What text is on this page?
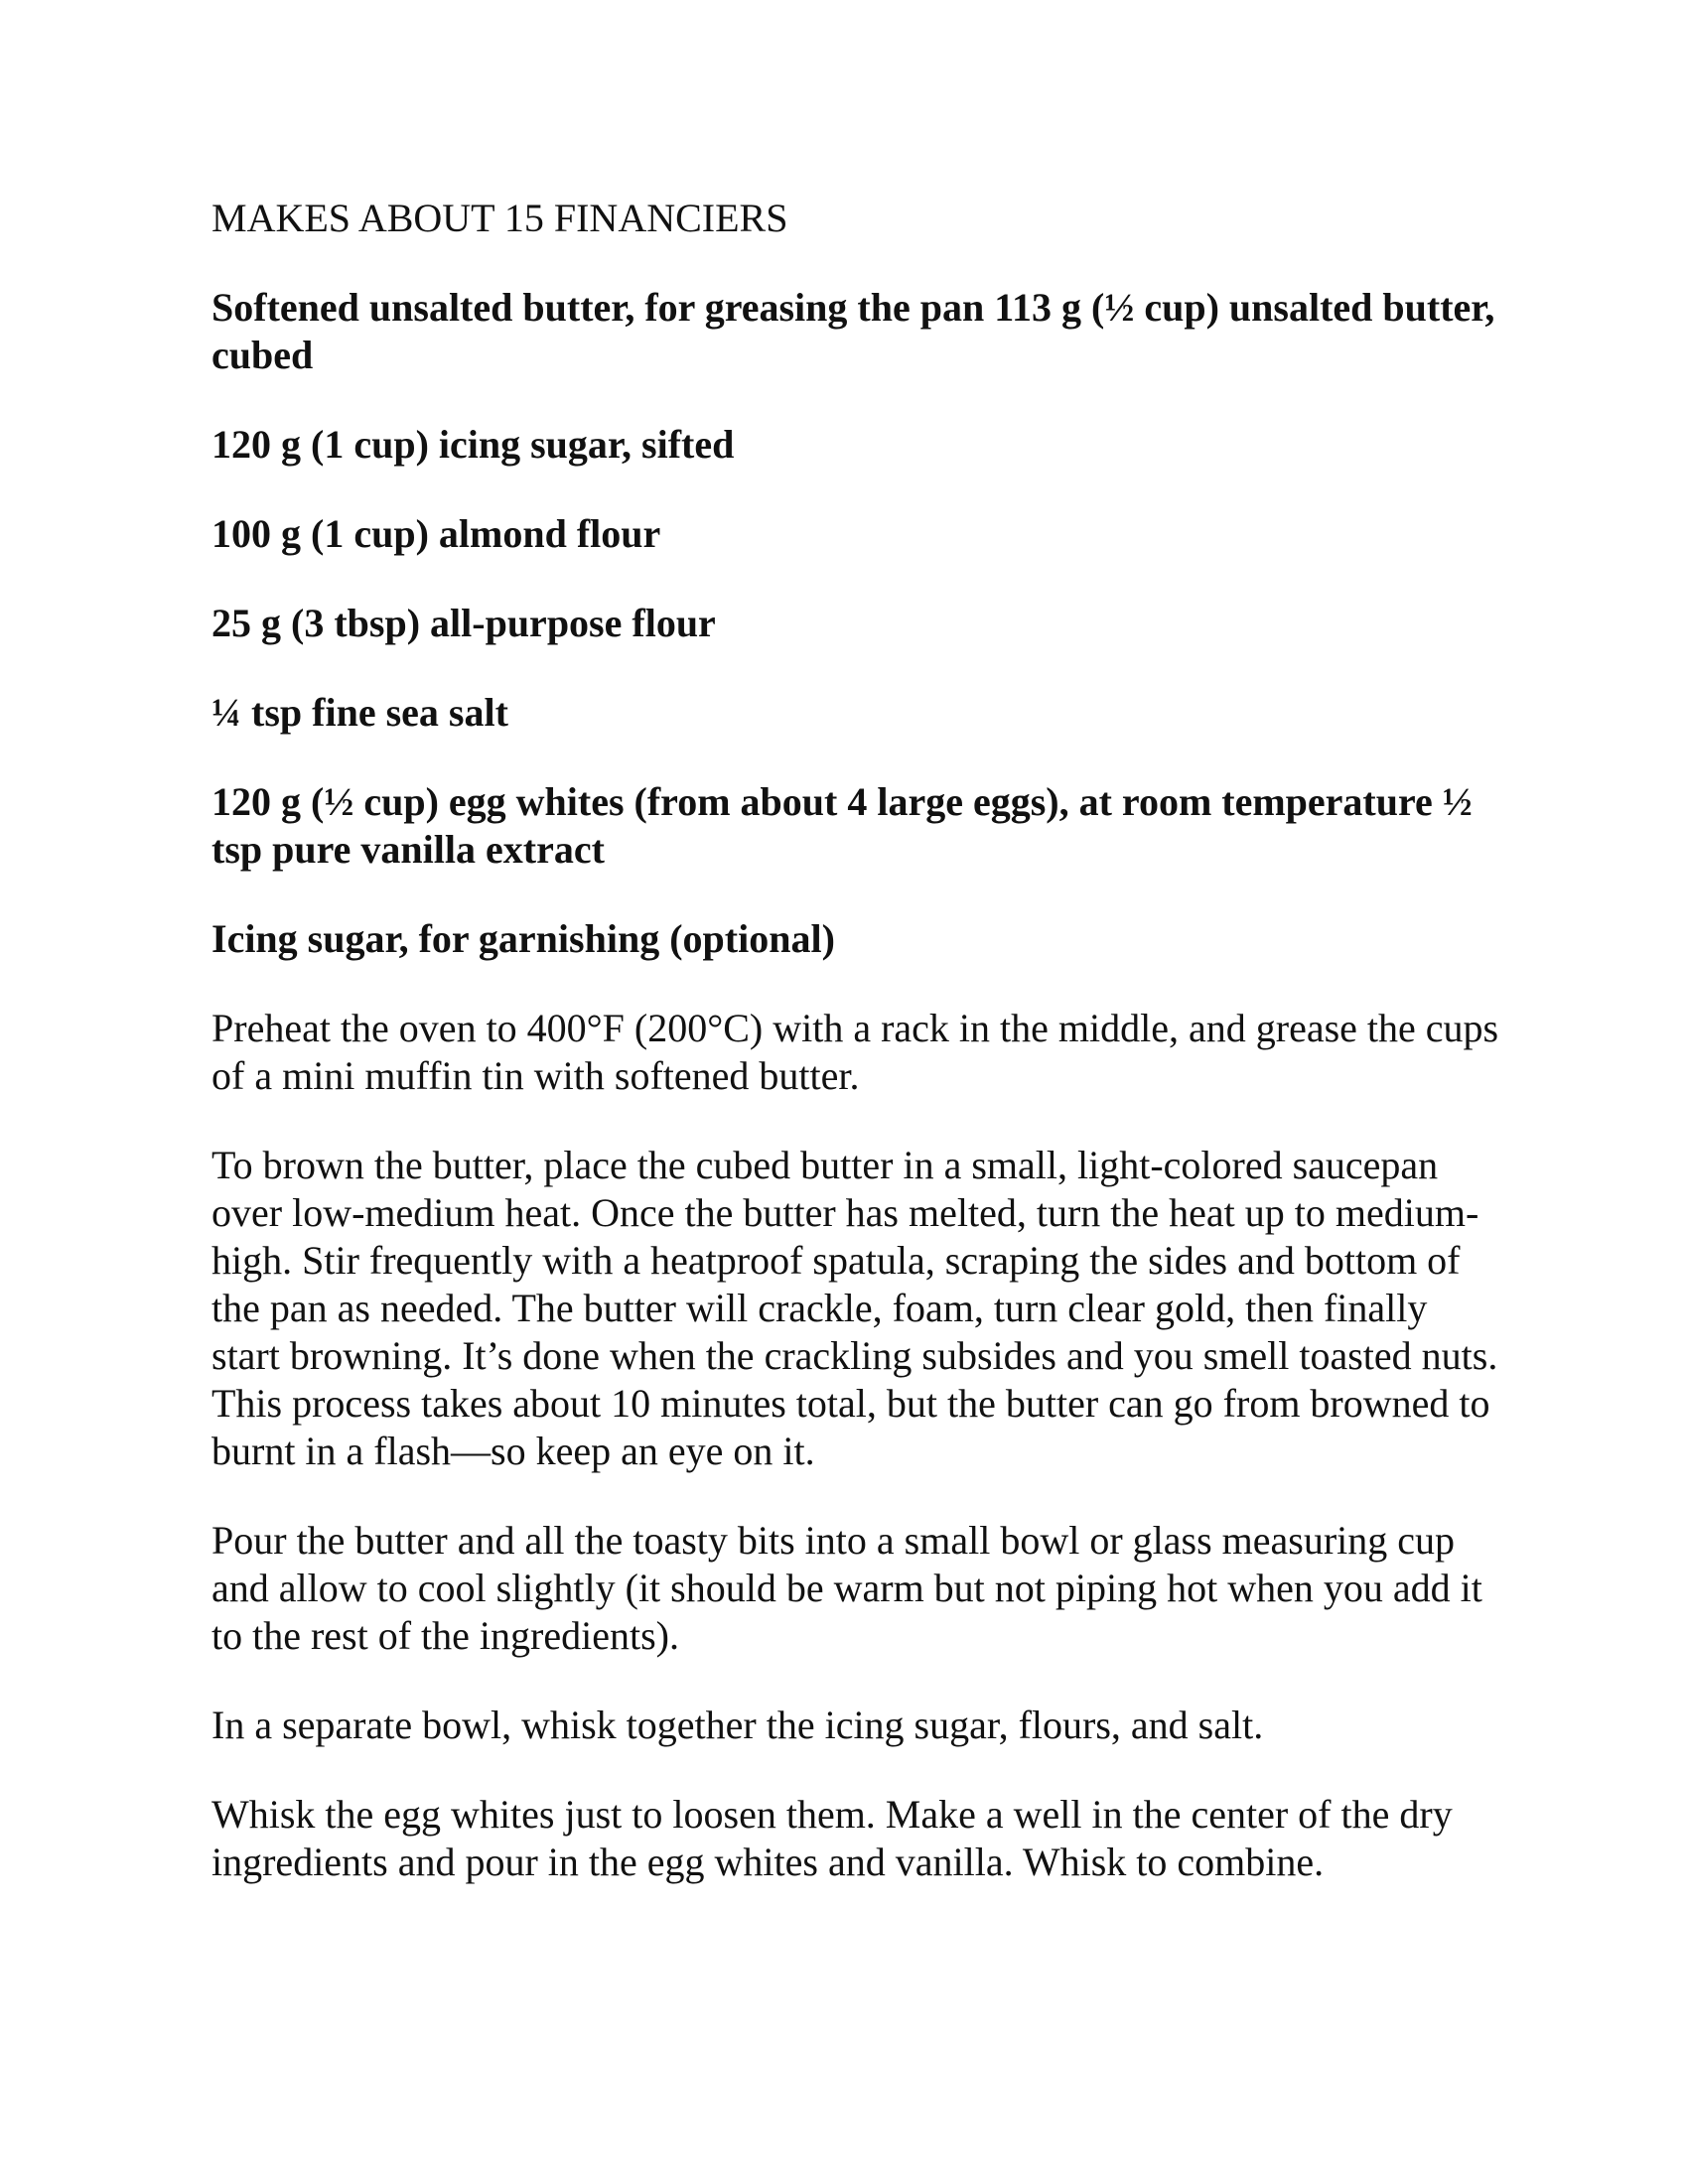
MAKES ABOUT 15 FINANCIERS

Softened unsalted butter, for greasing the pan 113 g (½ cup) unsalted butter, cubed
120 g (1 cup) icing sugar, sifted
100 g (1 cup) almond flour
25 g (3 tbsp) all-purpose flour
¼ tsp fine sea salt
120 g (½ cup) egg whites (from about 4 large eggs), at room temperature ½ tsp pure vanilla extract
Icing sugar, for garnishing (optional)

Preheat the oven to 400°F (200°C) with a rack in the middle, and grease the cups of a mini muffin tin with softened butter.

To brown the butter, place the cubed butter in a small, light-colored saucepan over low-medium heat. Once the butter has melted, turn the heat up to medium-high. Stir frequently with a heatproof spatula, scraping the sides and bottom of the pan as needed. The butter will crackle, foam, turn clear gold, then finally start browning. It’s done when the crackling subsides and you smell toasted nuts. This process takes about 10 minutes total, but the butter can go from browned to burnt in a flash—so keep an eye on it.

Pour the butter and all the toasty bits into a small bowl or glass measuring cup and allow to cool slightly (it should be warm but not piping hot when you add it to the rest of the ingredients).

In a separate bowl, whisk together the icing sugar, flours, and salt.

Whisk the egg whites just to loosen them. Make a well in the center of the dry ingredients and pour in the egg whites and vanilla. Whisk to combine.
